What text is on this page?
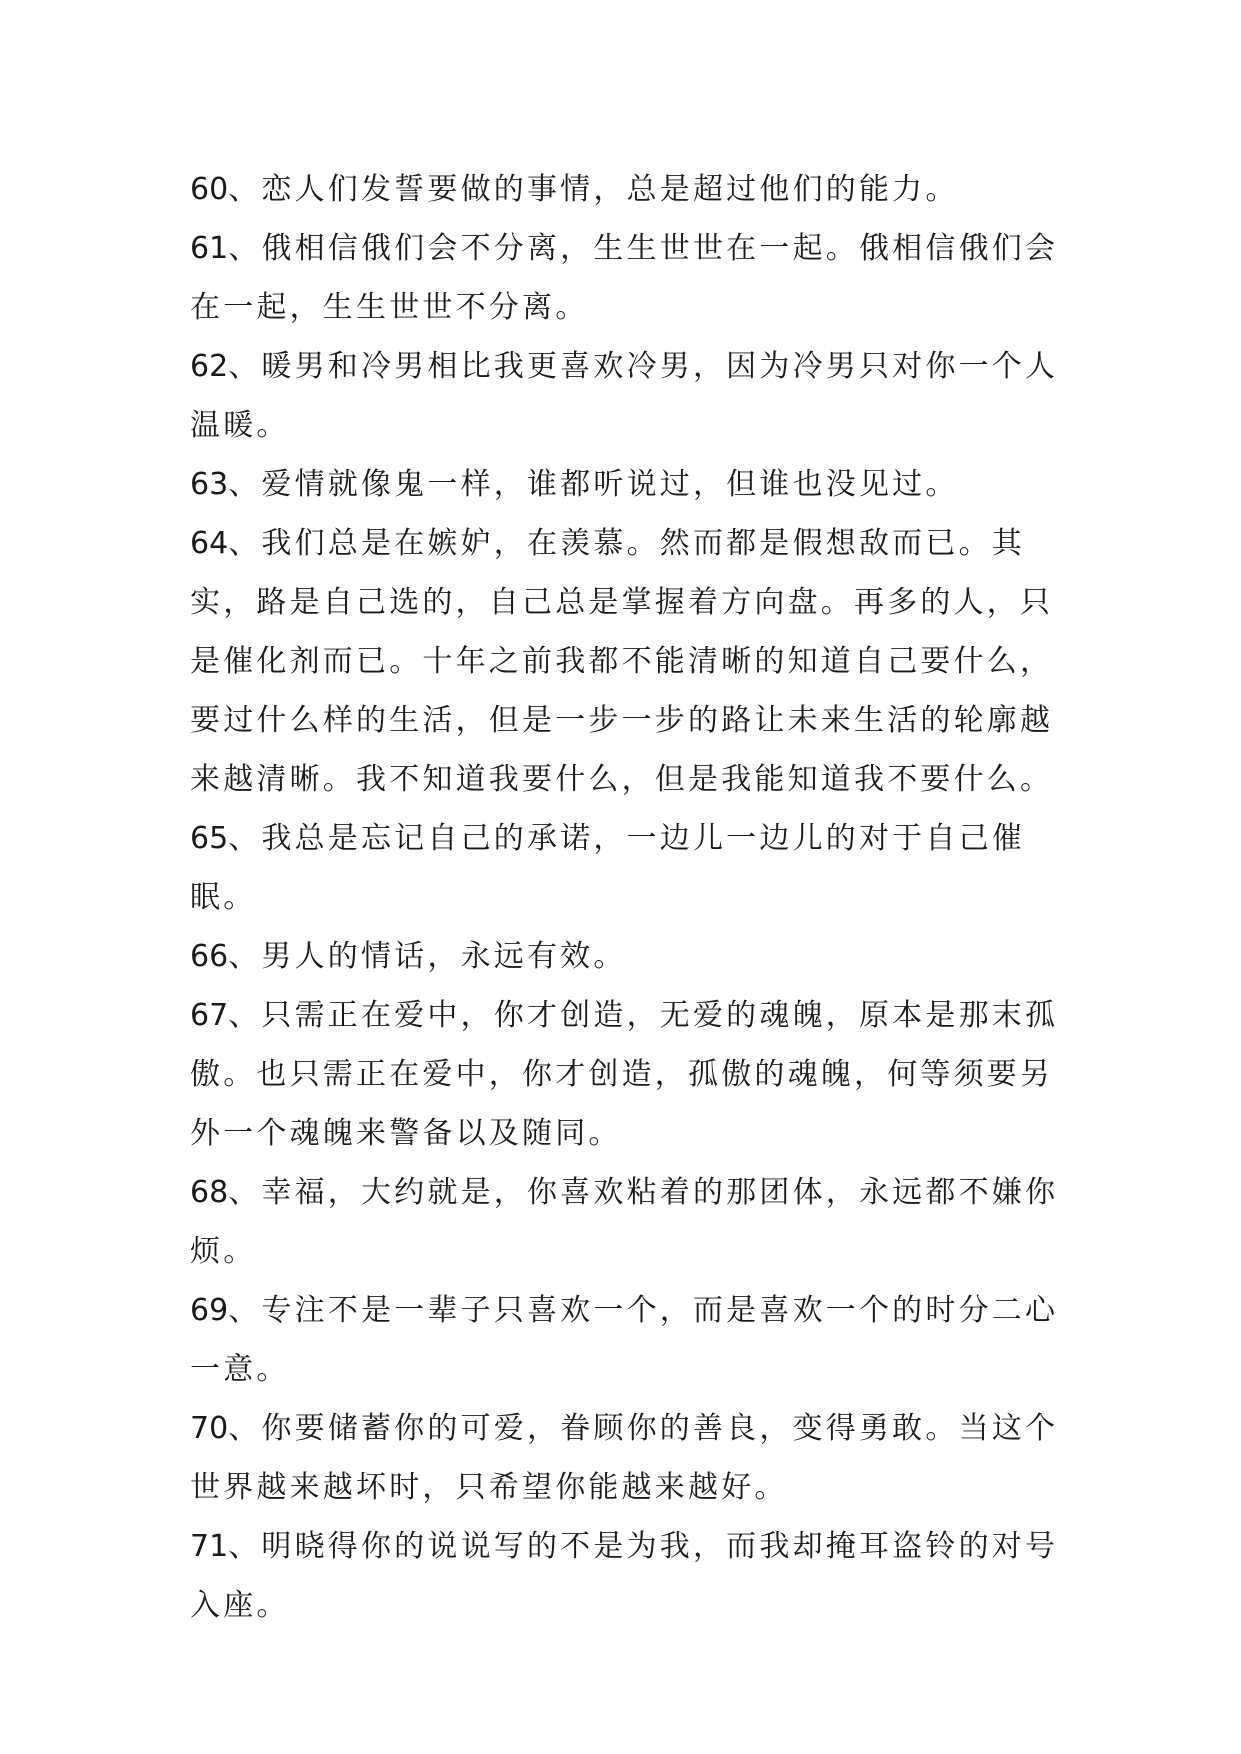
60、恋人们发誓要做的事情，总是超过他们的能力。

61、俄相信俄们会不分离，生生世世在一起。俄相信俄们会在一起，生生世世不分离。

62、暖男和冷男相比我更喜欢冷男，因为冷男只对你一个人温暖。

63、爱情就像鬼一样，谁都听说过，但谁也没见过。

64、我们总是在嫉妒，在羡慕。然而都是假想敌而已。其实，路是自己选的，自己总是掌握着方向盘。再多的人，只是催化剂而已。十年之前我都不能清晰的知道自己要什么，要过什么样的生活，但是一步一步的路让未来生活的轮廓越来越清晰。我不知道我要什么，但是我能知道我不要什么。

65、我总是忘记自己的承诺，一边儿一边儿的对于自己催眠。

66、男人的情话，永远有效。

67、只需正在爱中，你才创造，无爱的魂魄，原本是那末孤傲。也只需正在爱中，你才创造，孤傲的魂魄，何等须要另外一个魂魄来警备以及随同。

68、幸福，大约就是，你喜欢粘着的那团体，永远都不嫌你烦。

69、专注不是一辈子只喜欢一个，而是喜欢一个的时分二心一意。

70、你要储蓄你的可爱，眷顾你的善良，变得勇敢。当这个世界越来越坏时，只希望你能越来越好。

71、明晓得你的说说写的不是为我，而我却掩耳盗铃的对号入座。
